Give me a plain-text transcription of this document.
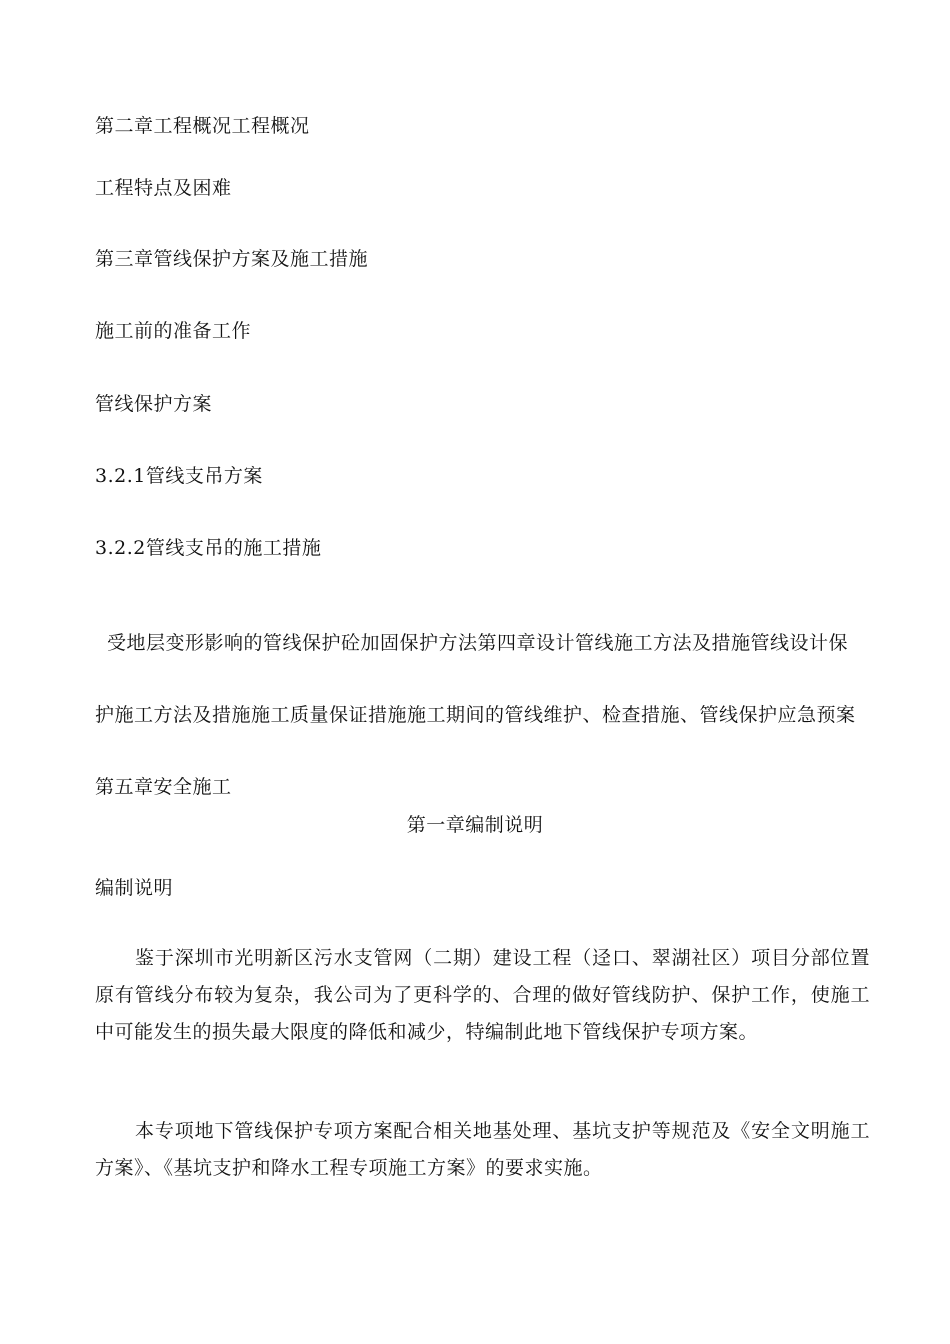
第二章工程概况工程概况
工程特点及困难
第三章管线保护方案及施工措施
施工前的准备工作
管线保护方案
3.2.1管线支吊方案
3.2.2管线支吊的施工措施
受地层变形影响的管线保护砼加固保护方法第四章设计管线施工方法及措施管线设计保护施工方法及措施施工质量保证措施施工期间的管线维护、检查措施、管线保护应急预案第五章安全施工
第一章编制说明
编制说明
鉴于深圳市光明新区污水支管网（二期）建设工程（迳口、翠湖社区）项目分部位置原有管线分布较为复杂，我公司为了更科学的、合理的做好管线防护、保护工作，使施工中可能发生的损失最大限度的降低和减少，特编制此地下管线保护专项方案。
本专项地下管线保护专项方案配合相关地基处理、基坑支护等规范及《安全文明施工方案》、《基坑支护和降水工程专项施工方案》的要求实施。
